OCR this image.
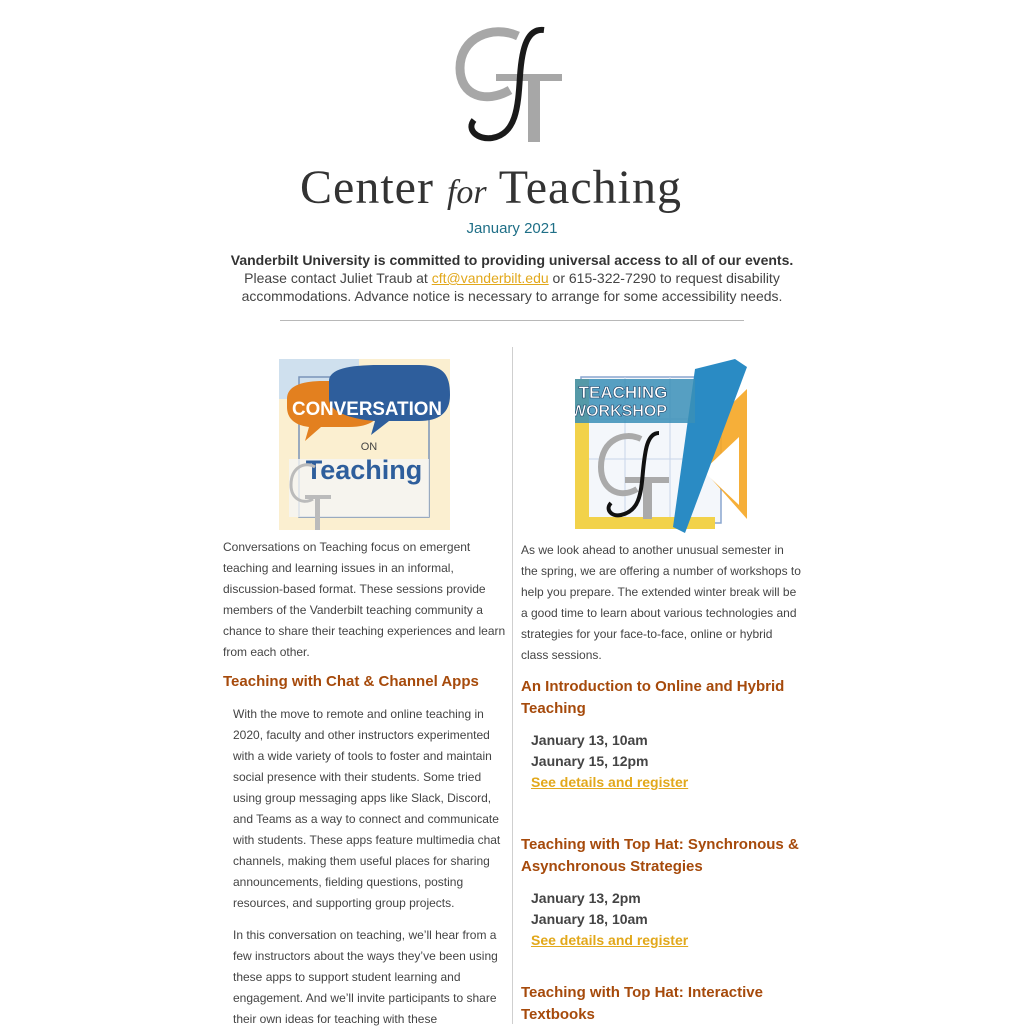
Center for Teaching
January 2021
Vanderbilt University is committed to providing universal access to all of our events.
Please contact Juliet Traub at cft@vanderbilt.edu or 615-322-7290 to request disability accommodations. Advance notice is necessary to arrange for some accessibility needs.
CONVERSATION
ON
Teaching

Conversations on Teaching focus on emergent teaching and learning issues in an informal, discussion-based format. These sessions provide members of the Vanderbilt teaching community a chance to share their teaching experiences and learn from each other.

Teaching with Chat & Channel Apps

With the move to remote and online teaching in 2020, faculty and other instructors experimented with a wide variety of tools to foster and maintain social presence with their students. Some tried using group messaging apps like Slack, Discord, and Teams as a way to connect and communicate with students. These apps feature multimedia chat channels, making them useful places for sharing announcements, fielding questions, posting resources, and supporting group projects.

In this conversation on teaching, we’ll hear from a few instructors about the ways they’ve been using these apps to support student learning and engagement. And we’ll invite participants to share their own ideas for teaching with these

TEACHING
WORKSHOP

As we look ahead to another unusual semester in the spring, we are offering a number of workshops to help you prepare. The extended winter break will be a good time to learn about various technologies and strategies for your face-to-face, online or hybrid class sessions.

An Introduction to Online and Hybrid Teaching
January 13, 10am
Jaunary 15, 12pm
See details and register
Teaching with Top Hat: Synchronous & Asynchronous Strategies
January 13, 2pm
January 18, 10am
See details and register
Teaching with Top Hat: Interactive Textbooks
